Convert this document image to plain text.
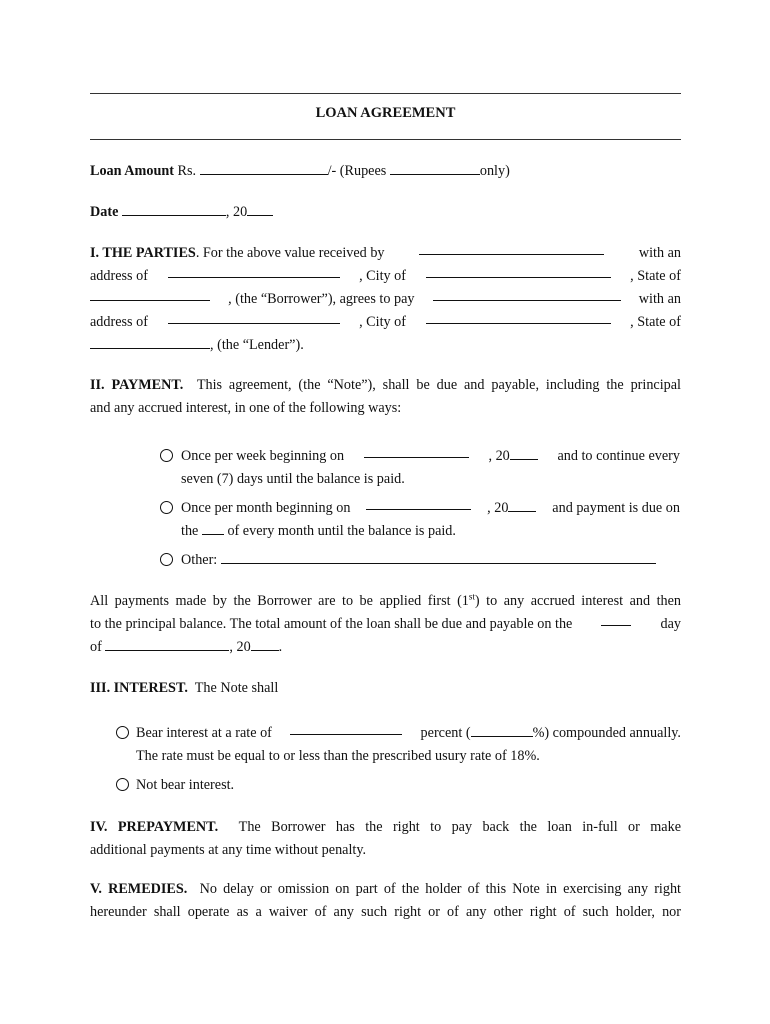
LOAN AGREEMENT
Loan Amount Rs.	/- (Rupees	only)
Date	, 20
I. THE PARTIES. For the above value received by	with an
address of	, City of	, State of
, (the “Borrower”), agrees to pay	with an
address of	, City of	, State of
, (the “Lender”).
II. PAYMENT. This agreement, (the “Note”), shall be due and payable, including the principal
and any accrued interest, in one of the following ways:
Once per week beginning on	, 20	and to continue every
seven (7) days until the balance is paid.
Once per month beginning on	, 20	and payment is due on
the of every month until the balance is paid.
Other:
All payments made by the Borrower are to be applied first (1st) to any accrued interest and then
to the principal balance. The total amount of the loan shall be due and payable on the	day
of	, 20 .
III. INTEREST. The Note shall
Bear interest at a rate of	percent (	%) compounded annually.
The rate must be equal to or less than the prescribed usury rate of 18%.
Not bear interest.
IV. PREPAYMENT. The Borrower has the right to pay back the loan in-full or make
additional payments at any time without penalty.
V. REMEDIES. No delay or omission on part of the holder of this Note in exercising any right
hereunder shall operate as a waiver of any such right or of any other right of such holder, nor
